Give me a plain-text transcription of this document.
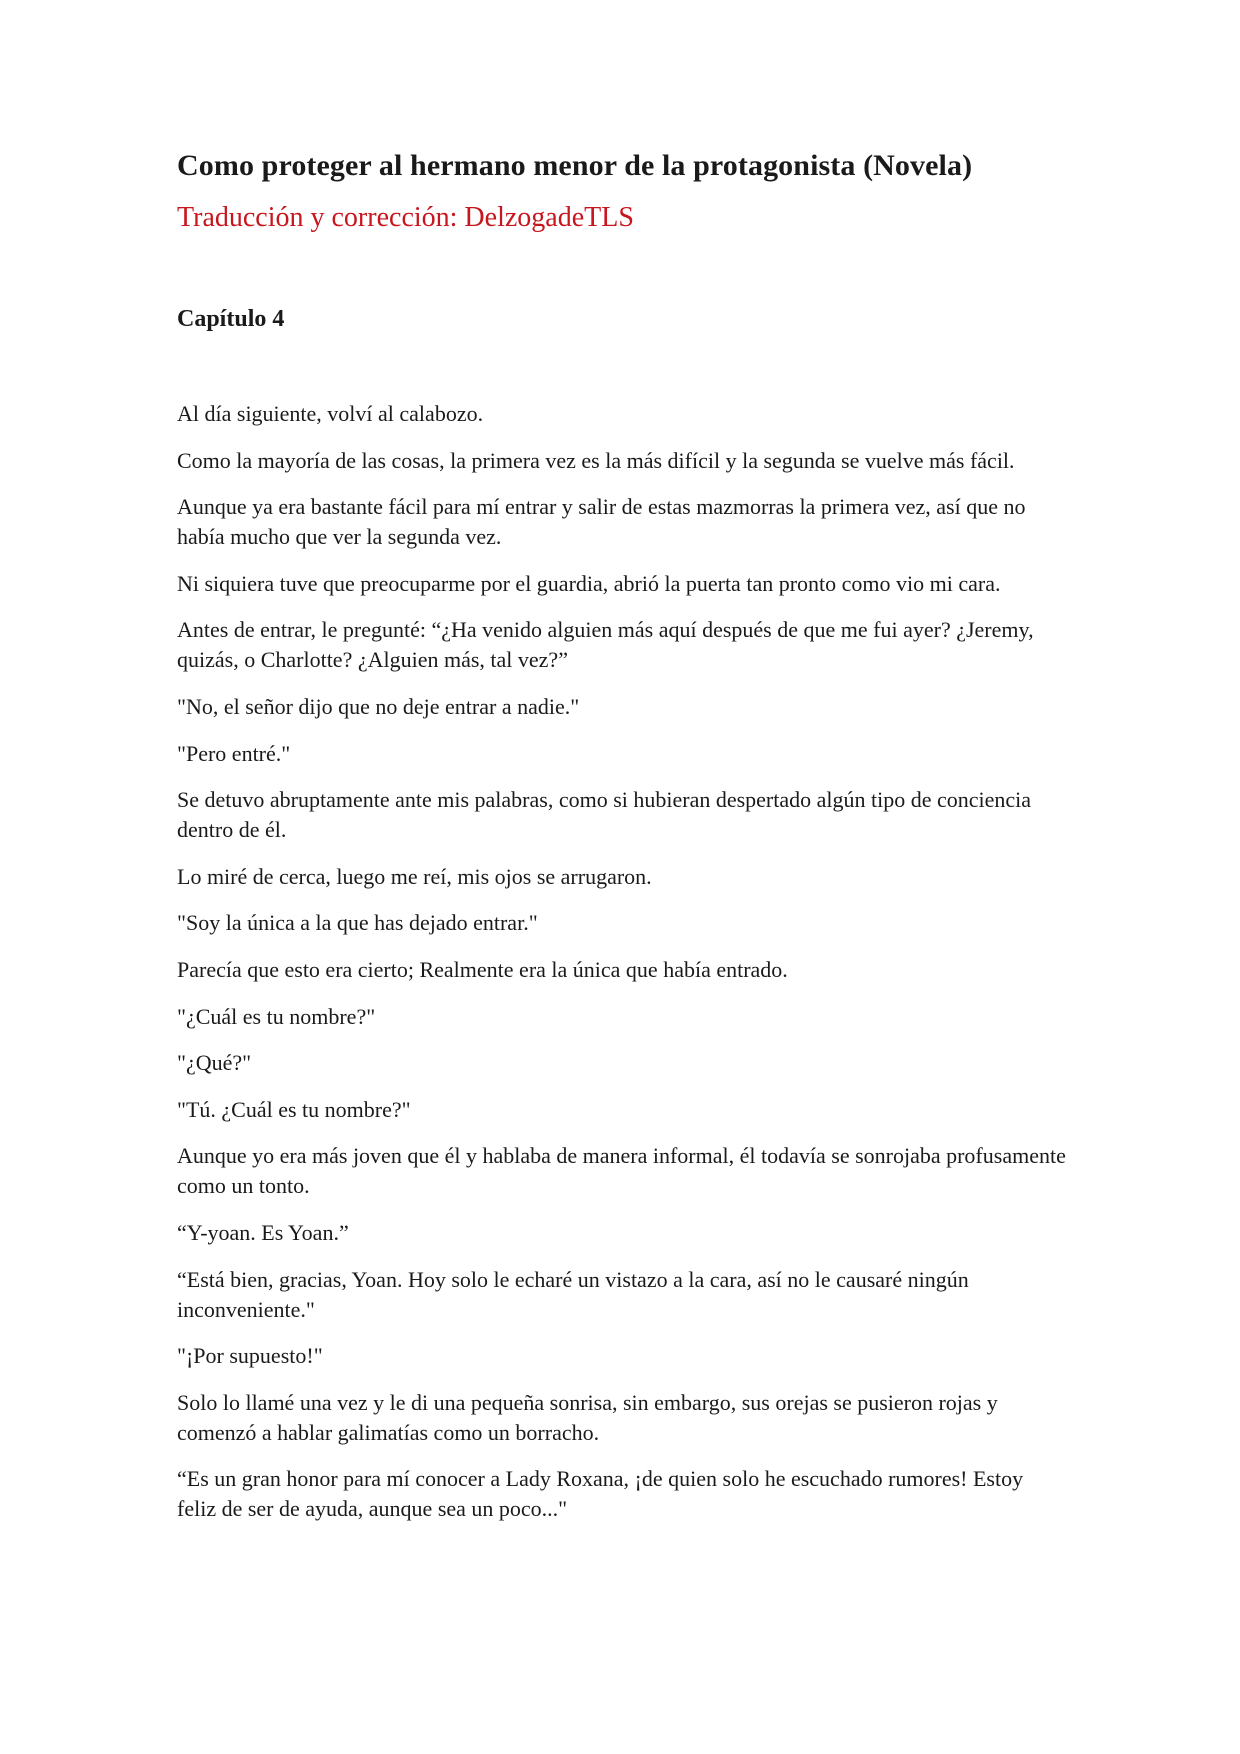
Como proteger al hermano menor de la protagonista (Novela)
Traducción y corrección: DelzogadeTLS
Capítulo 4

Al día siguiente, volví al calabozo.

Como la mayoría de las cosas, la primera vez es la más difícil y la segunda se vuelve más fácil.

Aunque ya era bastante fácil para mí entrar y salir de estas mazmorras la primera vez, así que no había mucho que ver la segunda vez.

Ni siquiera tuve que preocuparme por el guardia, abrió la puerta tan pronto como vio mi cara.

Antes de entrar, le pregunté: “¿Ha venido alguien más aquí después de que me fui ayer? ¿Jeremy, quizás, o Charlotte? ¿Alguien más, tal vez?”

"No, el señor dijo que no deje entrar a nadie."

"Pero entré."

Se detuvo abruptamente ante mis palabras, como si hubieran despertado algún tipo de conciencia dentro de él.

Lo miré de cerca, luego me reí, mis ojos se arrugaron.

"Soy la única a la que has dejado entrar."

Parecía que esto era cierto; Realmente era la única que había entrado.

"¿Cuál es tu nombre?"

"¿Qué?"

"Tú. ¿Cuál es tu nombre?"

Aunque yo era más joven que él y hablaba de manera informal, él todavía se sonrojaba profusamente como un tonto.

“Y-yoan. Es Yoan.”

“Está bien, gracias, Yoan. Hoy solo le echaré un vistazo a la cara, así no le causaré ningún inconveniente."

"¡Por supuesto!"

Solo lo llamé una vez y le di una pequeña sonrisa, sin embargo, sus orejas se pusieron rojas y comenzó a hablar galimatías como un borracho.

“Es un gran honor para mí conocer a Lady Roxana, ¡de quien solo he escuchado rumores! Estoy feliz de ser de ayuda, aunque sea un poco..."
